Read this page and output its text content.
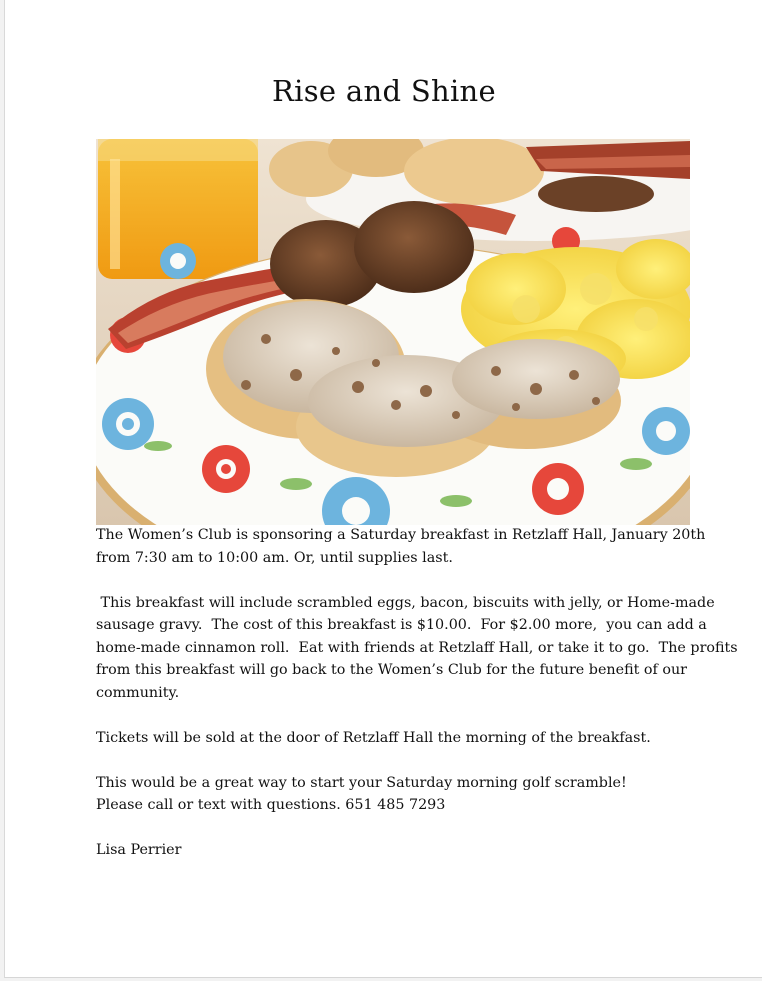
Rise and Shine
The Women’s Club is sponsoring a Saturday breakfast in Retzlaff Hall, January 20th
from 7:30 am to 10:00 am. Or, until supplies last.
This breakfast will include scrambled eggs, bacon, biscuits with jelly, or Home-made
sausage gravy.  The cost of this breakfast is $10.00.  For $2.00 more,  you can add a
home-made cinnamon roll.  Eat with friends at Retzlaff Hall, or take it to go.  The profits
from this breakfast will go back to the Women’s Club for the future benefit of our
community.
Tickets will be sold at the door of Retzlaff Hall the morning of the breakfast.
This would be a great way to start your Saturday morning golf scramble!
Please call or text with questions. 651 485 7293
Lisa Perrier
